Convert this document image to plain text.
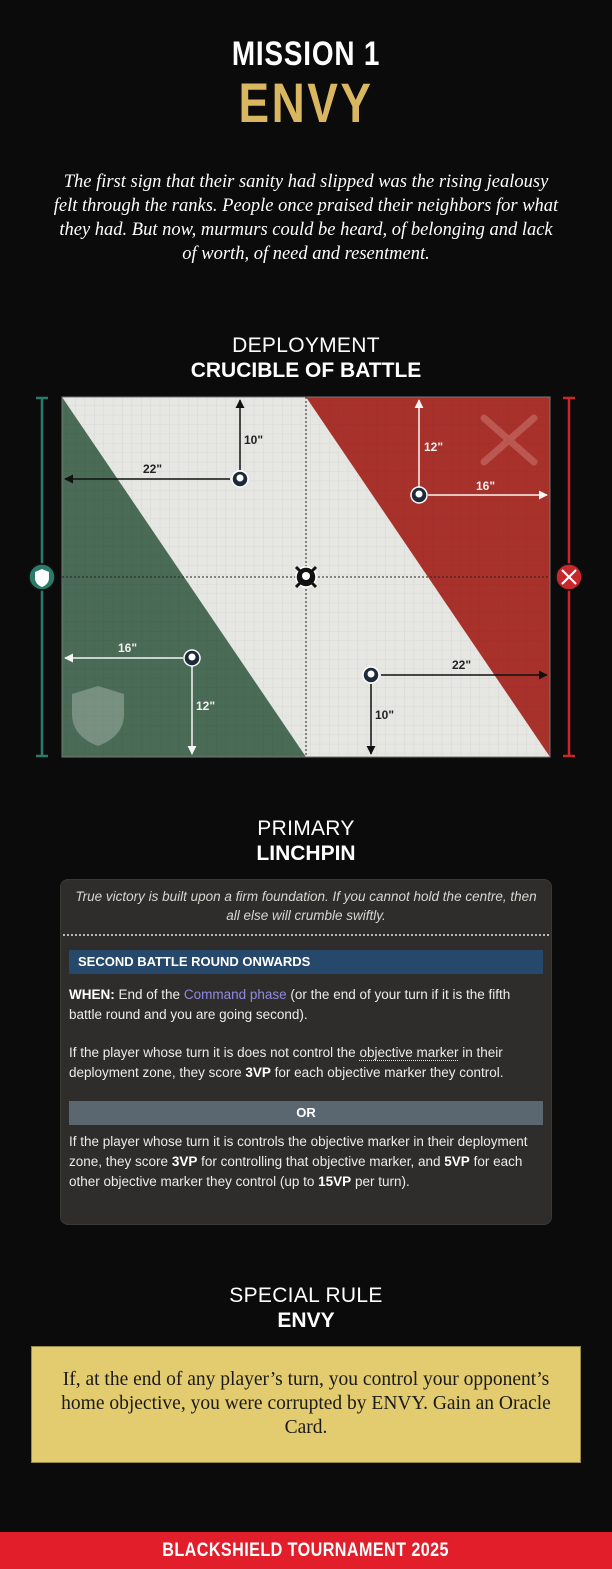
MISSION 1
ENVY

The first sign that their sanity had slipped was the rising jealousy felt through the ranks. People once praised their neighbors for what they had. But now, murmurs could be heard, of belonging and lack of worth, of need and resentment.

DEPLOYMENT
CRUCIBLE OF BATTLE
10"
22"
12"
16"
16"
12"
22"
10"
PRIMARY
LINCHPIN

True victory is built upon a firm foundation. If you cannot hold the centre, then all else will crumble swiftly.

SECOND BATTLE ROUND ONWARDS

WHEN: End of the Command phase (or the end of your turn if it is the fifth battle round and you are going second).

If the player whose turn it is does not control the objective marker in their deployment zone, they score 3VP for each objective marker they control.

OR

If the player whose turn it is controls the objective marker in their deployment zone, they score 3VP for controlling that objective marker, and 5VP for each other objective marker they control (up to 15VP per turn).

SPECIAL RULE
ENVY

If, at the end of any player’s turn, you control your opponent’s home objective, you were corrupted by ENVY. Gain an Oracle Card.

BLACKSHIELD TOURNAMENT 2025
